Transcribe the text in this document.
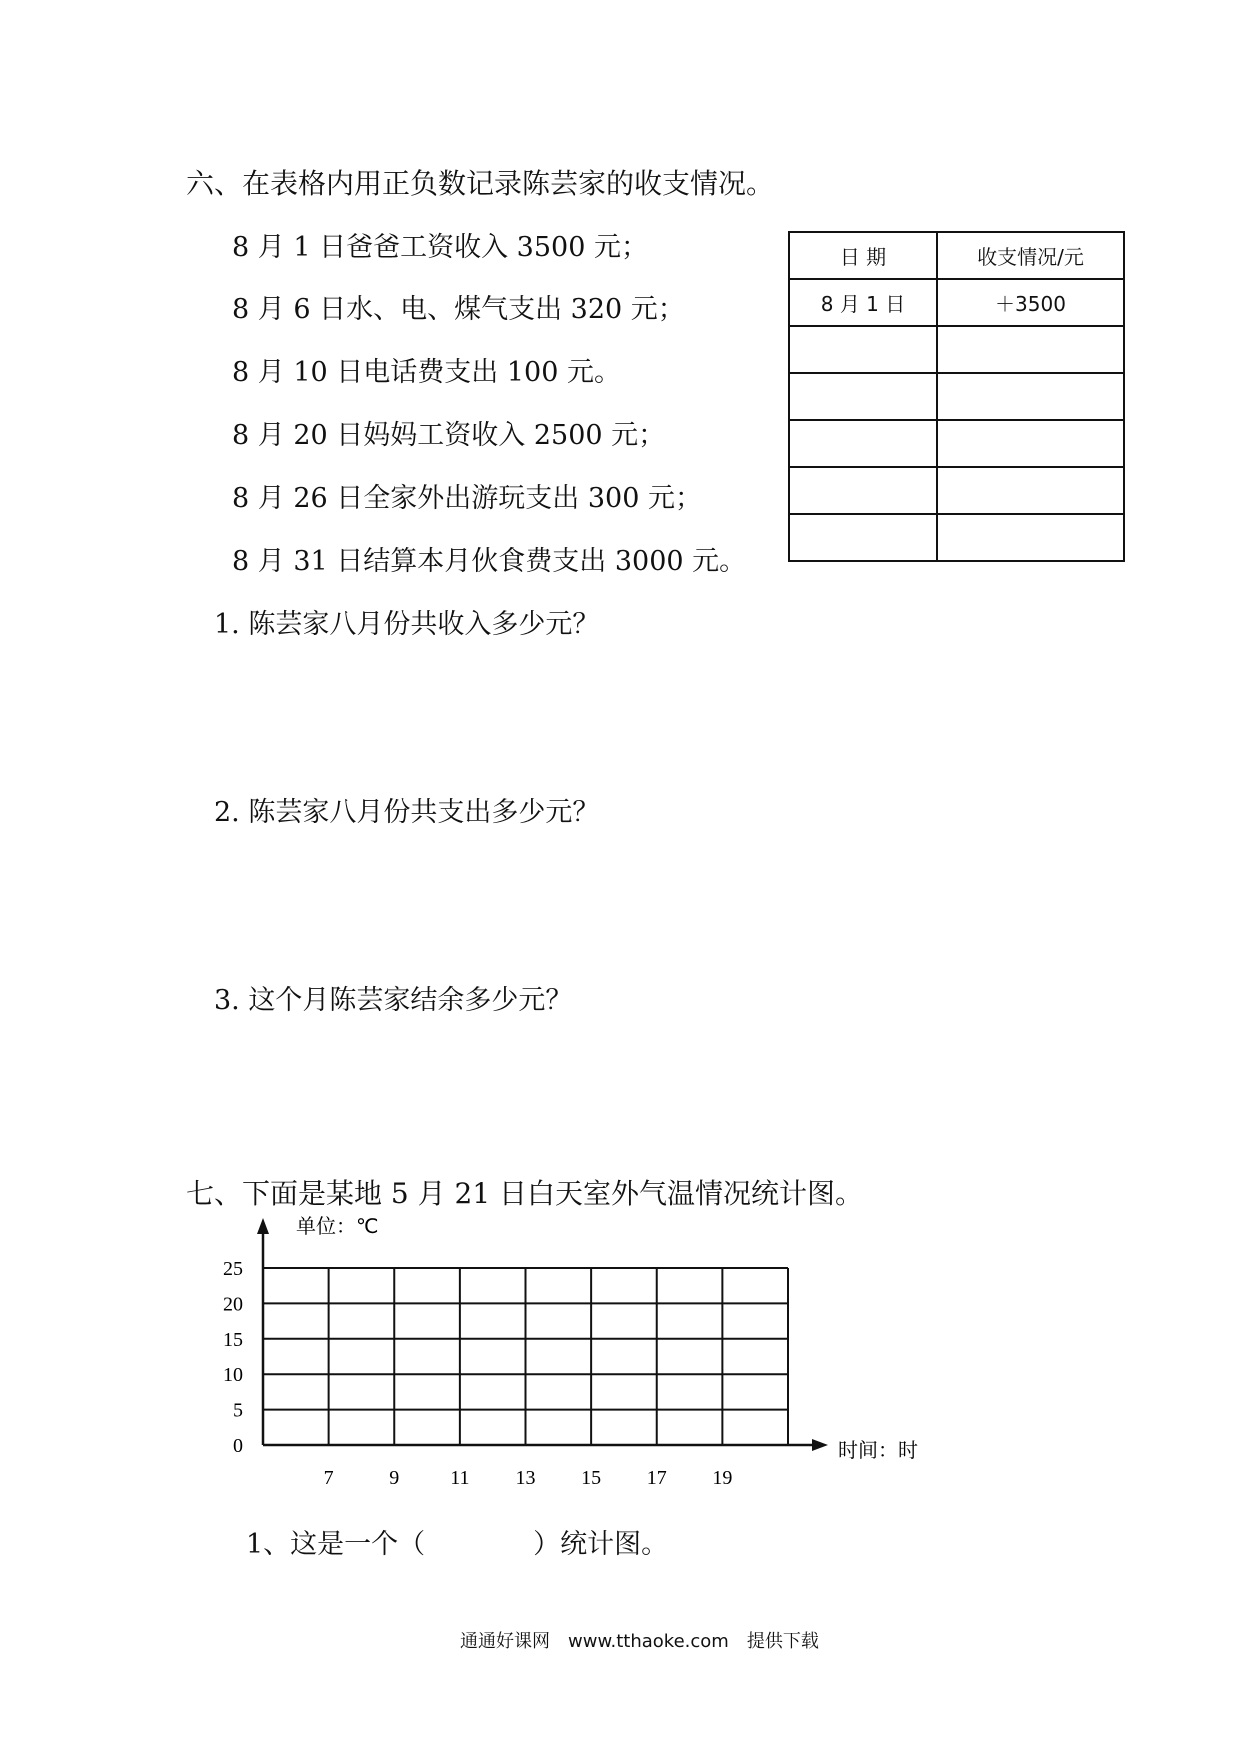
六、在表格内用正负数记录陈芸家的收支情况。
8 月 1 日爸爸工资收入 3500 元；
8 月 6 日水、电、煤气支出 320 元；
8 月 10 日电话费支出 100 元。
8 月 20 日妈妈工资收入 2500 元；
8 月 26 日全家外出游玩支出 300 元；
8 月 31 日结算本月伙食费支出 3000 元。
日 期	收支情况/元
8 月 1 日	＋3500

1. 陈芸家八月份共收入多少元？
2. 陈芸家八月份共支出多少元？
3. 这个月陈芸家结余多少元？
七、下面是某地 5 月 21 日白天室外气温情况统计图。
0
5
10
15
20
25
7	9	11 13 15 17 19
单位：℃
时间：时
1、这是一个（　　　　）统计图。
通通好课网　www.tthaoke.com　提供下载
